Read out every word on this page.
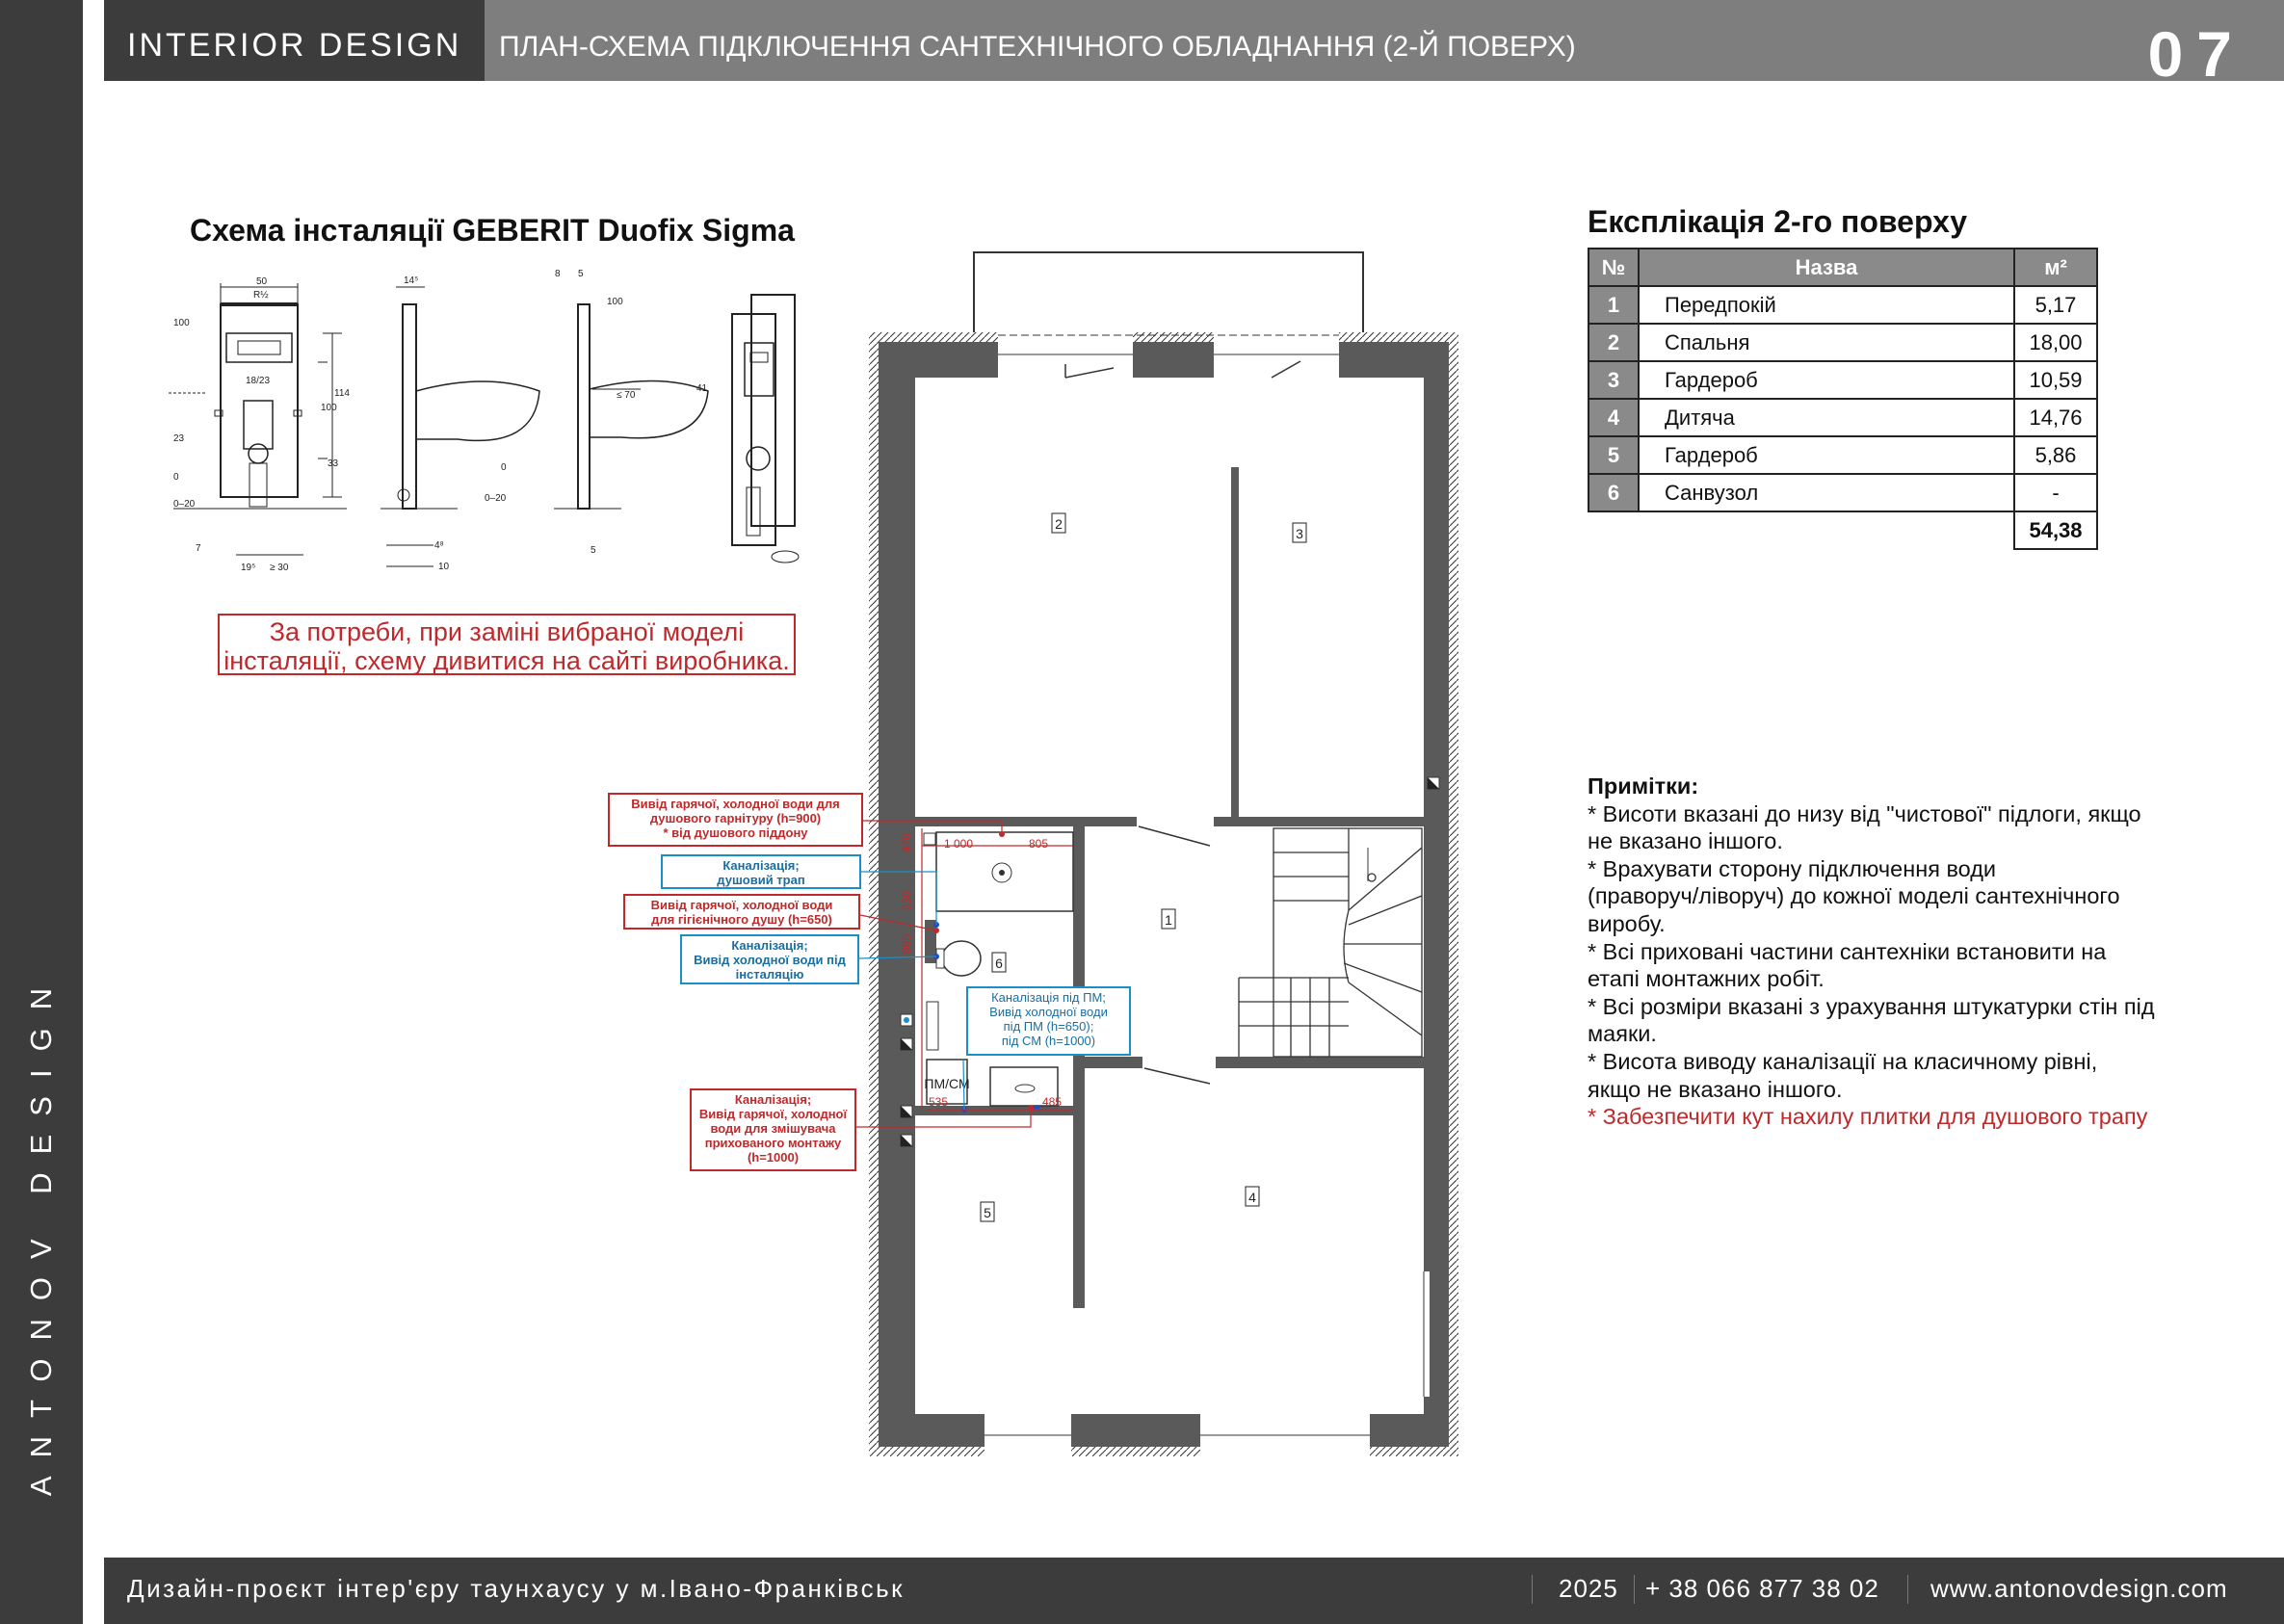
ANTONOV DESIGN
INTERIOR DESIGN ПЛАН-СХЕМА ПІДКЛЮЧЕННЯ САНТЕХНІЧНОГО ОБЛАДНАННЯ (2-Й ПОВЕРХ)	07
Схема інсталяції GEBERIT Duofix Sigma
50
R½
100
114
100
18/23
23
33
0
0–20
7
19⁵ ≥ 30
14⁵
0
0–20
4⁸
10
8 5
100
≤ 70
41
5
За потреби, при заміні вибраної моделі
інсталяції, схему дивитися на сайті виробника.
Експлікація 2-го поверху
№	Назва	м²
1	Передпокій	5,17
2	Спальня	18,00
3	Гардероб	10,59
4	Дитяча	14,76
5	Гардероб	5,86
6	Санвузол	-
		54,38
Примітки:
* Висоти вказані до низу від "чистової" підлоги, якщо
не вказано іншого.
* Врахувати сторону підключення води
(праворуч/ліворуч) до кожної моделі сантехнічного
виробу.
* Всі приховані частини сантехніки встановити на
етапі монтажних робіт.
* Всі розміри вказані з урахування штукатурки стін під
маяки.
* Висота виводу каналізації на класичному рівні,
якщо не вказано іншого.
* Забезпечити кут нахилу плитки для душового трапу
ПМ/СМ
470
630
860
1 000	805
535	485
1
2
3
4
5
6
Вивід гарячої, холодної води для
душового гарнітуру (h=900)
* від душового піддону
Каналізація;
душовий трап
Вивід гарячої, холодної води
для гігієнічного душу (h=650)
Каналізація;
Вивід холодної води під
інсталяцію
Каналізація під ПМ;
Вивід холодної води
під ПМ (h=650);
під СМ (h=1000)
Каналізація;
Вивід гарячої, холодної
води для змішувача
прихованого монтажу
(h=1000)
Дизайн-проєкт інтер'єру таунхаусу у м.Івано-Франківськ	2025 + 38 066 877 38 02 www.antonovdesign.com
